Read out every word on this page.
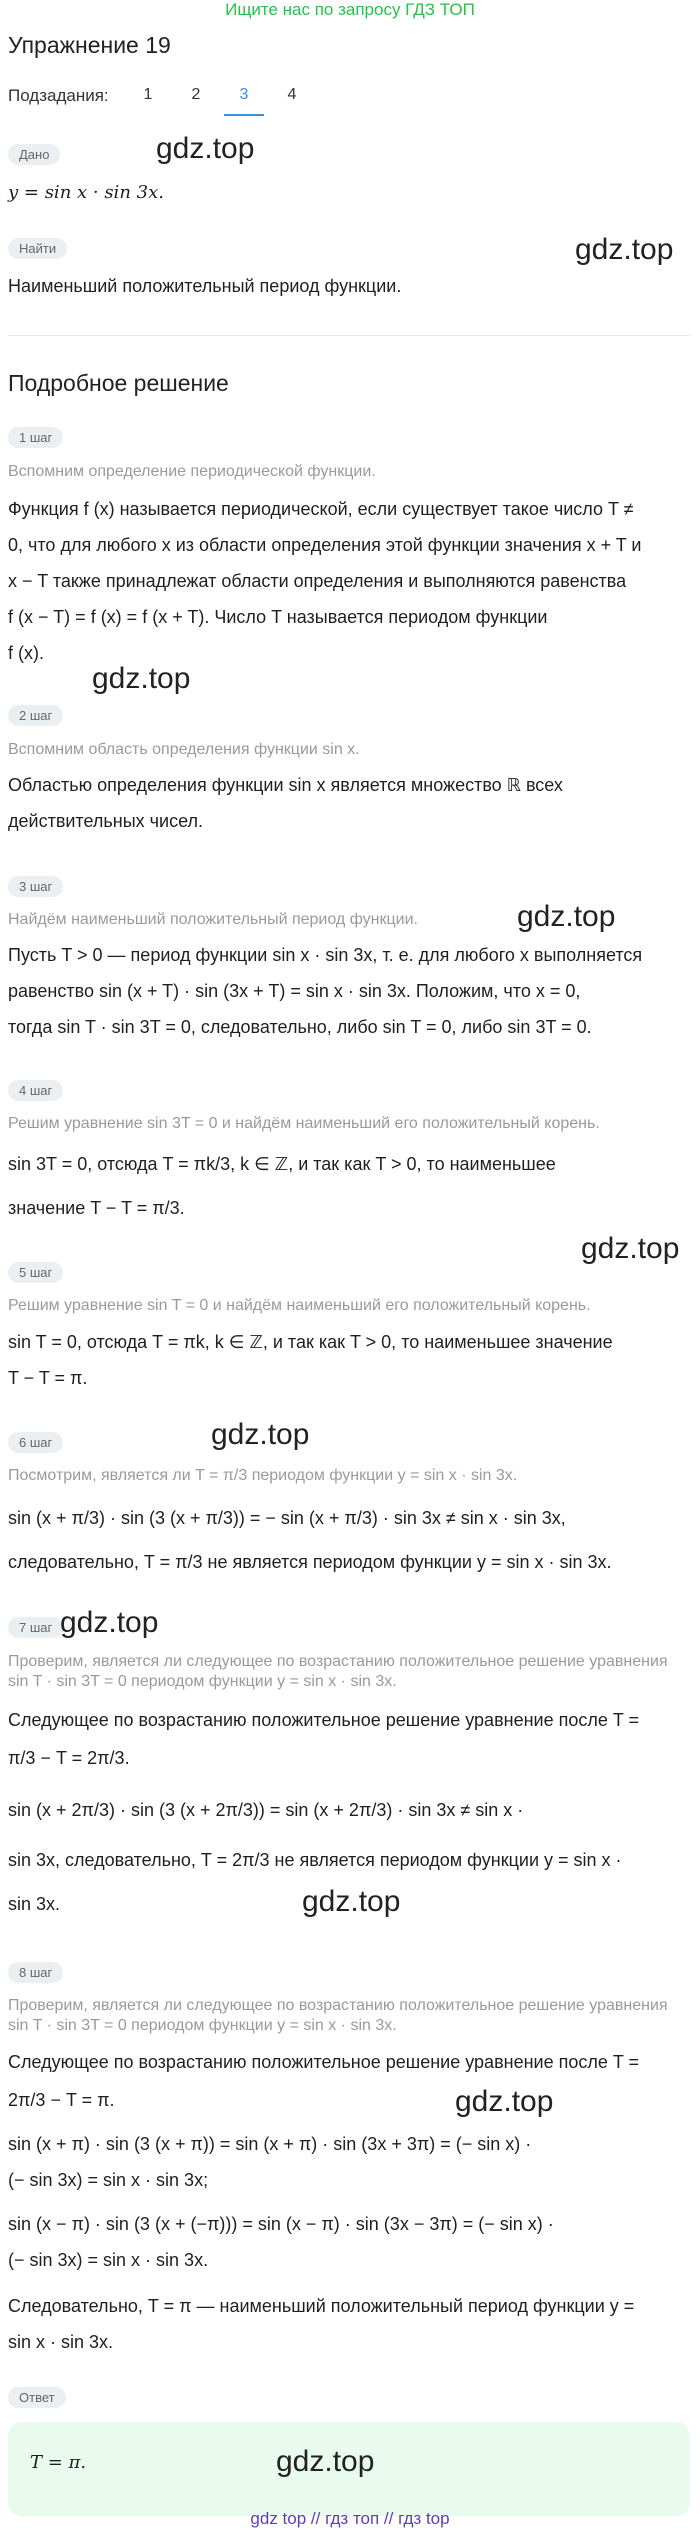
Ищите нас по запросу ГДЗ ТОП
Упражнение 19
Подзадания:	1	2	3	4
Дано
y = sin x · sin 3x.
Найти
Наименьший положительный период функции.
Подробное решение
1 шаг
Вспомним определение периодической функции.
Функция f (x) называется периодической, если существует такое число T ≠
0, что для любого x из области определения этой функции значения x + T и
x − T также принадлежат области определения и выполняются равенства
f (x − T) = f (x) = f (x + T). Число T называется периодом функции
f (x).
2 шаг
Вспомним область определения функции sin x.
Областью определения функции sin x является множество ℝ всех
действительных чисел.
3 шаг
Найдём наименьший положительный период функции.
Пусть T > 0 — период функции sin x · sin 3x, т. е. для любого x выполняется
равенство sin (x + T) · sin (3x + T) = sin x · sin 3x. Положим, что x = 0,
тогда sin T · sin 3T = 0, следовательно, либо sin T = 0, либо sin 3T = 0.
4 шаг
Решим уравнение sin 3T = 0 и найдём наименьший его положительный корень.
sin 3T = 0, отсюда T = πk/3, k ∈ ℤ, и так как T > 0, то наименьшее
значение T − T = π/3.
5 шаг
Решим уравнение sin T = 0 и найдём наименьший его положительный корень.
sin T = 0, отсюда T = πk, k ∈ ℤ, и так как T > 0, то наименьшее значение
T − T = π.
6 шаг
Посмотрим, является ли T = π/3 периодом функции y = sin x · sin 3x.
sin (x + π/3) · sin (3 (x + π/3)) = − sin (x + π/3) · sin 3x ≠ sin x · sin 3x,
следовательно, T = π/3 не является периодом функции y = sin x · sin 3x.
7 шаг
Проверим, является ли следующее по возрастанию положительное решение уравнения sin T · sin 3T = 0 периодом функции y = sin x · sin 3x.
Следующее по возрастанию положительное решение уравнение после T =
π/3 − T = 2π/3.
sin (x + 2π/3) · sin (3 (x + 2π/3)) = sin (x + 2π/3) · sin 3x ≠ sin x ·
sin 3x, следовательно, T = 2π/3 не является периодом функции y = sin x ·
sin 3x.
8 шаг
Проверим, является ли следующее по возрастанию положительное решение уравнения sin T · sin 3T = 0 периодом функции y = sin x · sin 3x.
Следующее по возрастанию положительное решение уравнение после T =
2π/3 − T = π.
sin (x + π) · sin (3 (x + π)) = sin (x + π) · sin (3x + 3π) = (− sin x) ·
(− sin 3x) = sin x · sin 3x;
sin (x − π) · sin (3 (x + (−π))) = sin (x − π) · sin (3x − 3π) = (− sin x) ·
(− sin 3x) = sin x · sin 3x.
Следовательно, T = π — наименьший положительный период функции y =
sin x · sin 3x.
Ответ
T = π.
gdz.top
gdz.top
gdz.top
gdz.top
gdz.top
gdz.top
gdz.top
gdz.top
gdz.top
gdz.top
gdz top // гдз топ // гдз top
